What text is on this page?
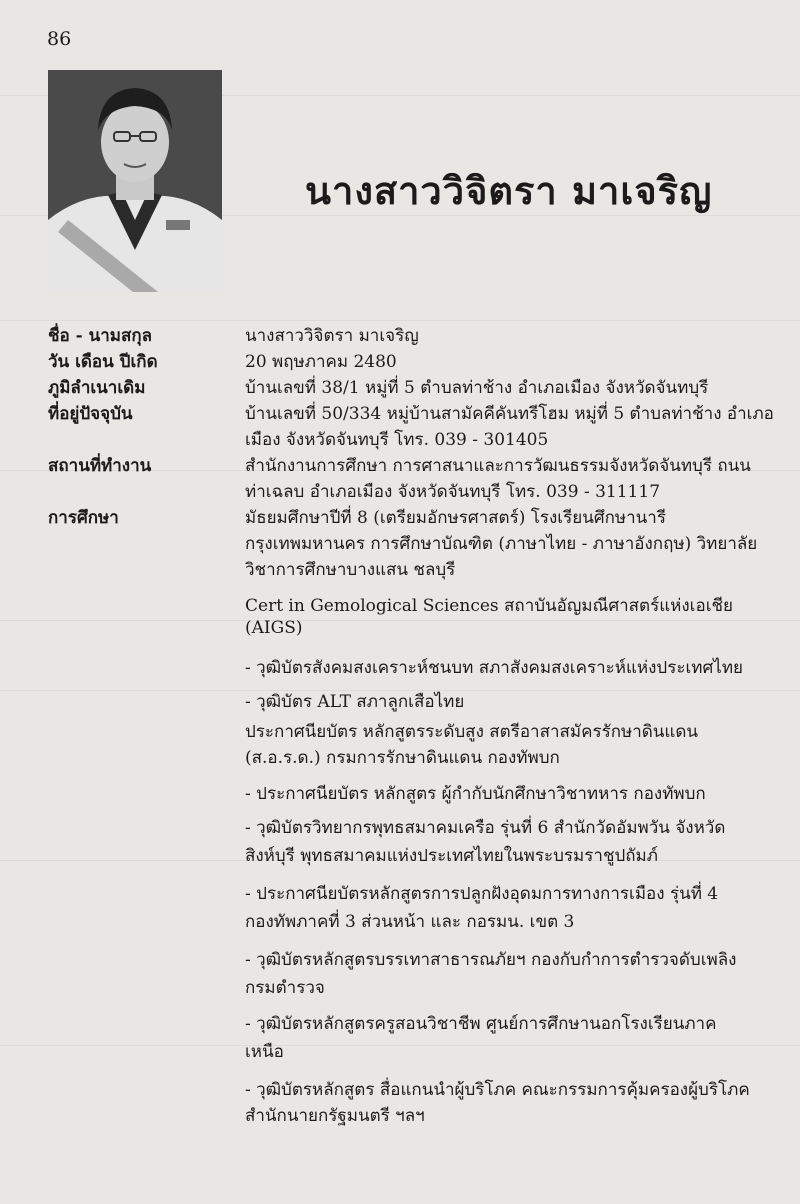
86
นางสาววิจิตรา มาเจริญ
ชื่อ - นามสกุล	นางสาววิจิตรา มาเจริญ
วัน เดือน ปีเกิด	20 พฤษภาคม 2480
ภูมิลำเนาเดิม	บ้านเลขที่ 38/1 หมู่ที่ 5 ตำบลท่าช้าง อำเภอเมือง จังหวัดจันทบุรี
ที่อยู่ปัจจุบัน	บ้านเลขที่ 50/334 หมู่บ้านสามัคคีคันทรีโฮม หมู่ที่ 5 ตำบลท่าช้าง อำเภอ
เมือง จังหวัดจันทบุรี โทร. 039 - 301405
สถานที่ทำงาน	สำนักงานการศึกษา การศาสนาและการวัฒนธรรมจังหวัดจันทบุรี ถนน
ท่าเฉลบ อำเภอเมือง จังหวัดจันทบุรี โทร. 039 - 311117
การศึกษา	มัธยมศึกษาปีที่ 8 (เตรียมอักษรศาสตร์) โรงเรียนศึกษานารี
กรุงเทพมหานคร การศึกษาบัณฑิต (ภาษาไทย - ภาษาอังกฤษ) วิทยาลัย
วิชาการศึกษาบางแสน ชลบุรี
Cert in Gemological Sciences สถาบันอัญมณีศาสตร์แห่งเอเชีย
(AIGS)
- วุฒิบัตรสังคมสงเคราะห์ชนบท สภาสังคมสงเคราะห์แห่งประเทศไทย
- วุฒิบัตร ALT สภาลูกเสือไทย
ประกาศนียบัตร หลักสูตรระดับสูง สตรีอาสาสมัครรักษาดินแดน
(ส.อ.ร.ด.) กรมการรักษาดินแดน กองทัพบก
- ประกาศนียบัตร หลักสูตร ผู้กำกับนักศึกษาวิชาทหาร กองทัพบก
- วุฒิบัตรวิทยากรพุทธสมาคมเครือ รุ่นที่ 6 สำนักวัดอัมพวัน จังหวัด
สิงห์บุรี พุทธสมาคมแห่งประเทศไทยในพระบรมราชูปถัมภ์
- ประกาศนียบัตรหลักสูตรการปลูกฝังอุดมการทางการเมือง รุ่นที่ 4
กองทัพภาคที่ 3 ส่วนหน้า และ กอรมน. เขต 3
- วุฒิบัตรหลักสูตรบรรเทาสาธารณภัยฯ กองกับกำการตำรวจดับเพลิง
กรมตำรวจ
- วุฒิบัตรหลักสูตรครูสอนวิชาชีพ ศูนย์การศึกษานอกโรงเรียนภาค
เหนือ
- วุฒิบัตรหลักสูตร สื่อแกนนำผู้บริโภค คณะกรรมการคุ้มครองผู้บริโภค
สำนักนายกรัฐมนตรี ฯลฯ
